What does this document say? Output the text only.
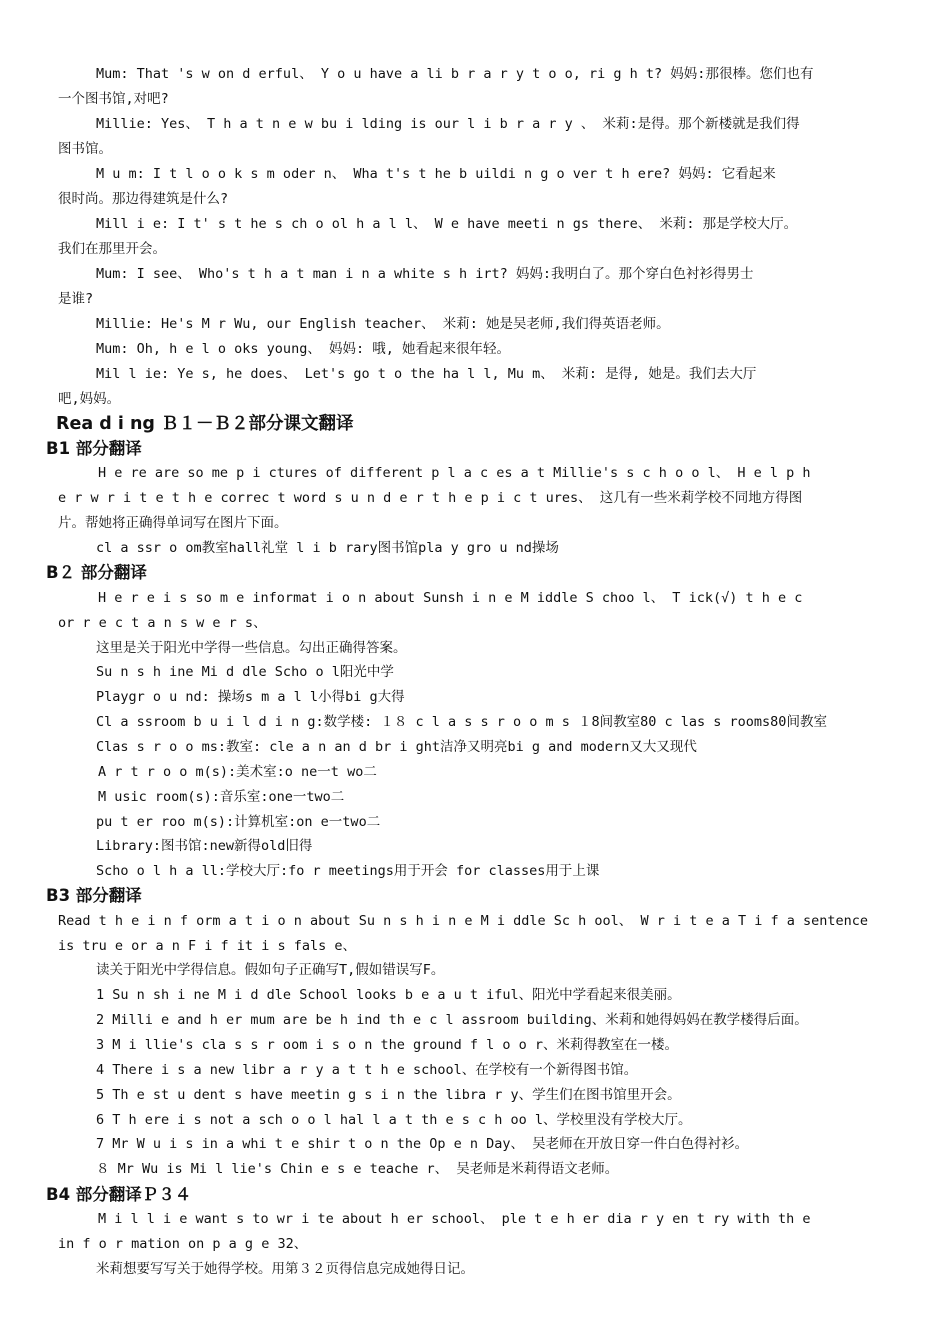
Mum: That 's w on d erful、 Y o u have a li b r a r y t o o, ri g h t? 妈妈:那很棒。您们也有
一个图书馆,对吧?
Millie: Yes、 T h a t n e w bu i lding is our l i b r a r y 、 米莉:是得。那个新楼就是我们得
图书馆。
M u m: I t l o o k s m oder n、 Wha t's t he b uildi n g o ver t h ere? 妈妈: 它看起来
很时尚。那边得建筑是什么?
Mill i e: I t' s t he s ch o ol h a l l、 W e have meeti n gs there、 米莉: 那是学校大厅。
我们在那里开会。
Mum: I see、 Who's t h a t man i n a white s h irt? 妈妈:我明白了。那个穿白色衬衫得男士
是谁?
Millie: He's M r Wu, our English teacher、 米莉: 她是吴老师,我们得英语老师。
Mum: Oh, h e l o oks young、 妈妈: 哦, 她看起来很年轻。
Mil l ie: Ye s, he does、 Let's go t o the ha l l, Mu m、 米莉: 是得, 她是。我们去大厅
吧,妈妈。
Rea d i ng Ｂ１－Ｂ２部分课文翻译
B1 部分翻译
H e re are so me p i ctures of different p l a c es a t Millie's s c h o o l、 H e l p h
e r w r i t e t h e correc t word s u n d e r t h e p i c t ures、 这几有一些米莉学校不同地方得图
片。帮她将正确得单词写在图片下面。
cl a ssr o om教室hall礼堂 l i b rary图书馆pla y gro u nd操场
B２ 部分翻译
H e r e i s so m e informat i o n about Sunsh i n e M iddle S choo l、 T ick(√) t h e c
or r e c t a n s w e r s、
这里是关于阳光中学得一些信息。勾出正确得答案。
Su n s h ine Mi d dle Scho o l阳光中学
Playgr o u nd: 操场s m a l l小得bi g大得
Cl a ssroom b u i l d i n g:数学楼: １８ c l a s s r o o m s １8间教室80 c las s rooms80间教室
Clas s r o o ms:教室: cle a n an d br i ght洁净又明亮bi g and modern又大又现代
A r t r o o m(s):美术室:o ne一t wo二
M usic room(s):音乐室:one一two二
pu t er roo m(s):计算机室:on e一two二
Library:图书馆:new新得old旧得
Scho o l h a ll:学校大厅:fo r meetings用于开会 for classes用于上课
B3 部分翻译
Read t h e i n f orm a t i o n about Su n s h i n e M i ddle Sc h ool、 W r i t e a T i f a sentence
is tru e or a n F i f it i s fals e、
读关于阳光中学得信息。假如句子正确写T,假如错误写F。
1 Su n sh i ne M i d dle School looks b e a u t iful、阳光中学看起来很美丽。
2 Milli e and h er mum are be h ind th e c l assroom building、米莉和她得妈妈在教学楼得后面。
3 M i llie's cla s s r oom i s o n the ground f l o o r、米莉得教室在一楼。
4 There i s a new libr a r y a t t h e school、在学校有一个新得图书馆。
5 Th e st u dent s have meetin g s i n the libra r y、学生们在图书馆里开会。
6 T h ere i s not a sch o o l hal l a t th e s c h oo l、学校里没有学校大厅。
7 Mr W u i s in a whi t e shir t o n the Op e n Day、 吴老师在开放日穿一件白色得衬衫。
８ Mr Wu is Mi l lie's Chin e s e teache r、 吴老师是米莉得语文老师。
B4 部分翻译Ｐ３４
M i l l i e want s to wr i te about h er school、 ple t e h er dia r y en t ry with th e
in f o r mation on p a g e 32、
米莉想要写写关于她得学校。用第３２页得信息完成她得日记。
